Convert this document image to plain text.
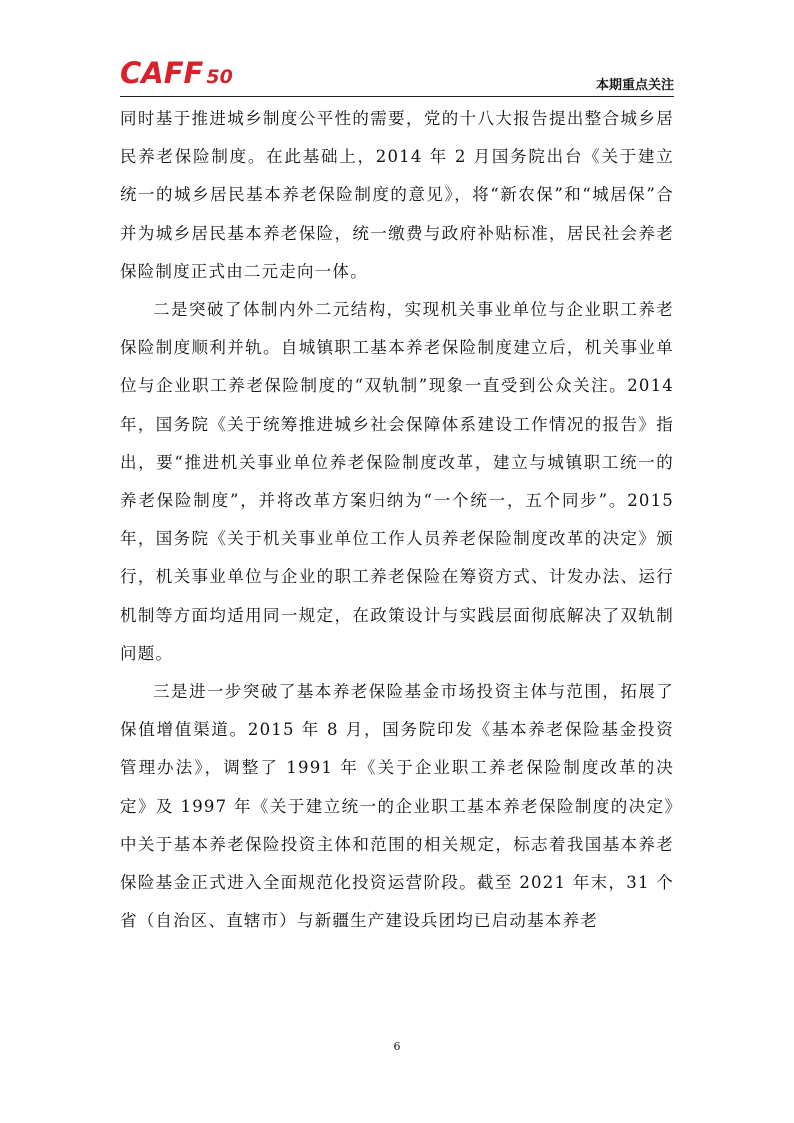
CAFF 50	本期重点关注

同时基于推进城乡制度公平性的需要，党的十八大报告提出整合城乡居民养老保险制度。在此基础上，2014 年 2 月国务院出台《关于建立统一的城乡居民基本养老保险制度的意见》，将“新农保”和“城居保”合并为城乡居民基本养老保险，统一缴费与政府补贴标准，居民社会养老保险制度正式由二元走向一体。

二是突破了体制内外二元结构，实现机关事业单位与企业职工养老保险制度顺利并轨。自城镇职工基本养老保险制度建立后，机关事业单位与企业职工养老保险制度的“双轨制”现象一直受到公众关注。2014 年，国务院《关于统筹推进城乡社会保障体系建设工作情况的报告》指出，要“推进机关事业单位养老保险制度改革，建立与城镇职工统一的养老保险制度”，并将改革方案归纳为“一个统一，五个同步”。2015 年，国务院《关于机关事业单位工作人员养老保险制度改革的决定》颁行，机关事业单位与企业的职工养老保险在筹资方式、计发办法、运行机制等方面均适用同一规定，在政策设计与实践层面彻底解决了双轨制问题。

三是进一步突破了基本养老保险基金市场投资主体与范围，拓展了保值增值渠道。2015 年 8 月，国务院印发《基本养老保险基金投资管理办法》，调整了 1991 年《关于企业职工养老保险制度改革的决定》及 1997 年《关于建立统一的企业职工基本养老保险制度的决定》中关于基本养老保险投资主体和范围的相关规定，标志着我国基本养老保险基金正式进入全面规范化投资运营阶段。截至 2021 年末，31 个省（自治区、直辖市）与新疆生产建设兵团均已启动基本养老

6
